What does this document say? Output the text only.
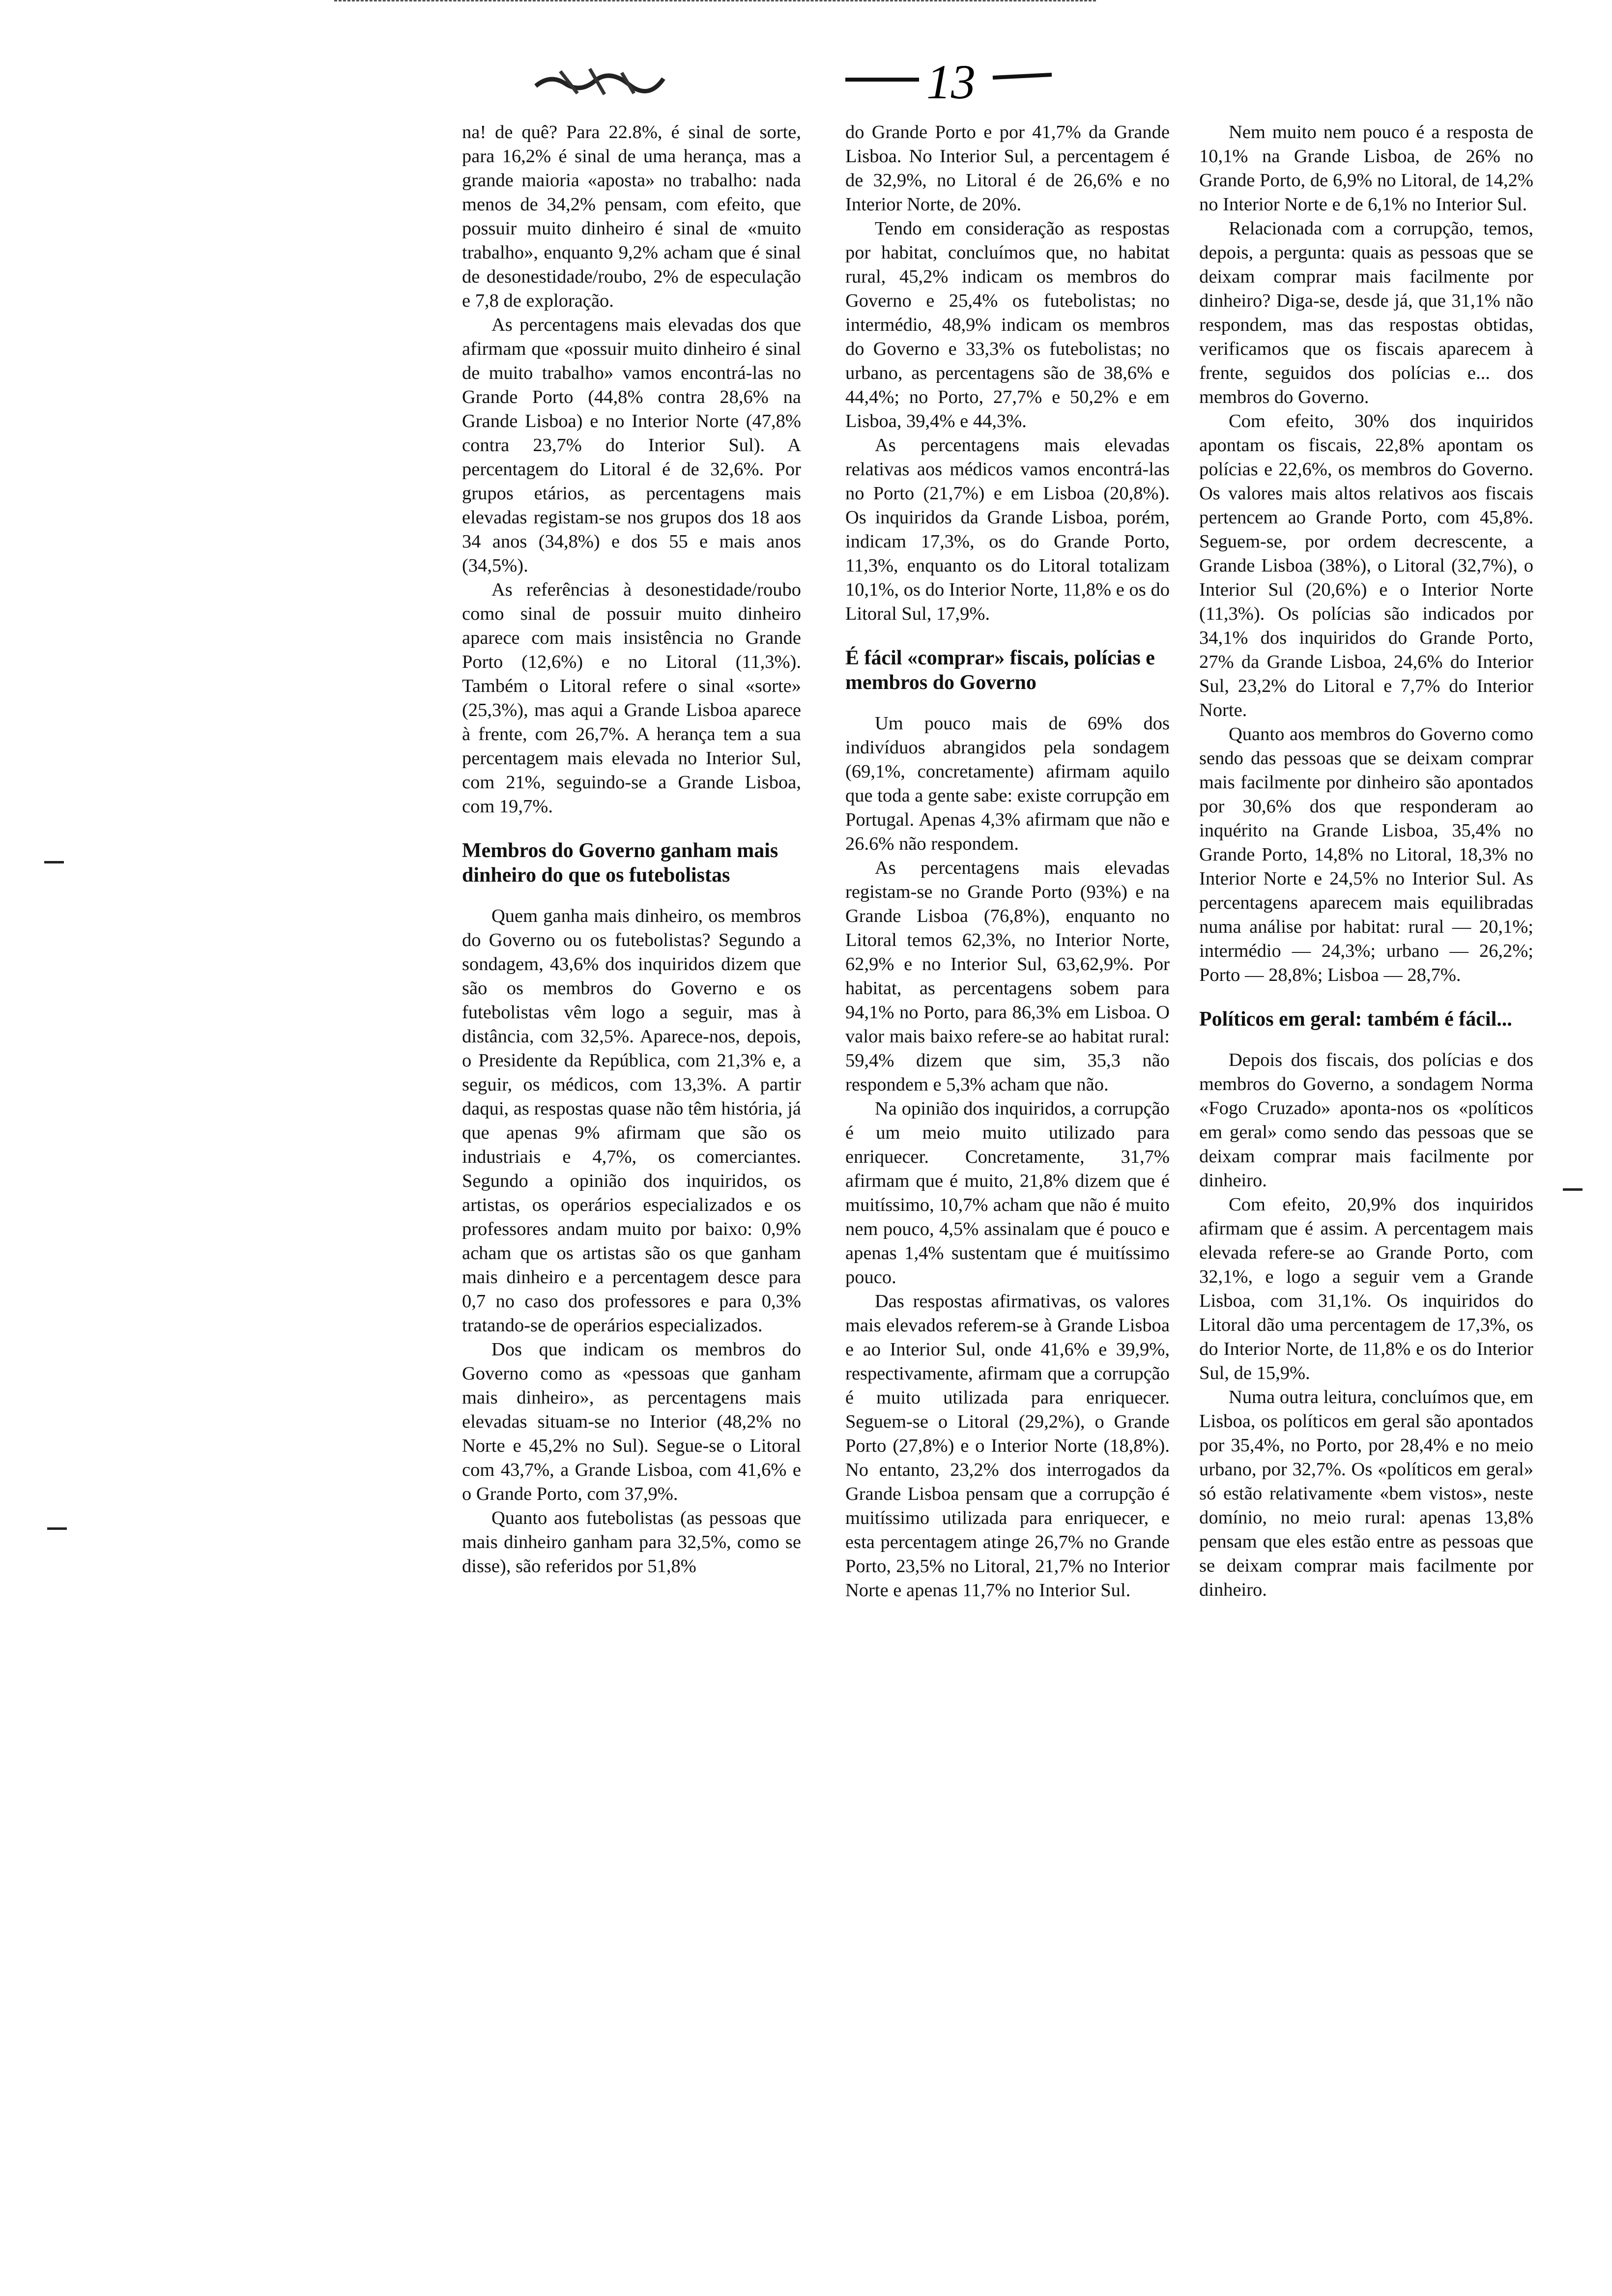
13

na! de quê? Para 22.8%, é sinal de sorte, para 16,2% é sinal de uma herança, mas a grande maioria «aposta» no trabalho: nada menos de 34,2% pensam, com efeito, que possuir muito dinheiro é sinal de «muito trabalho», enquanto 9,2% acham que é sinal de desonestidade/roubo, 2% de especulação e 7,8 de exploração.

As percentagens mais elevadas dos que afirmam que «possuir muito dinheiro é sinal de muito trabalho» vamos encontrá-las no Grande Porto (44,8% contra 28,6% na Grande Lisboa) e no Interior Norte (47,8% contra 23,7% do Interior Sul). A percentagem do Litoral é de 32,6%. Por grupos etários, as percentagens mais elevadas registam-se nos grupos dos 18 aos 34 anos (34,8%) e dos 55 e mais anos (34,5%).

As referências à desonestidade/roubo como sinal de possuir muito dinheiro aparece com mais insistência no Grande Porto (12,6%) e no Litoral (11,3%). Também o Litoral refere o sinal «sorte» (25,3%), mas aqui a Grande Lisboa aparece à frente, com 26,7%. A herança tem a sua percentagem mais elevada no Interior Sul, com 21%, seguindo-se a Grande Lisboa, com 19,7%.

Membros do Governo ganham mais dinheiro do que os futebolistas

Quem ganha mais dinheiro, os membros do Governo ou os futebolistas? Segundo a sondagem, 43,6% dos inquiridos dizem que são os membros do Governo e os futebolistas vêm logo a seguir, mas à distância, com 32,5%. Aparece-nos, depois, o Presidente da República, com 21,3% e, a seguir, os médicos, com 13,3%. A partir daqui, as respostas quase não têm história, já que apenas 9% afirmam que são os industriais e 4,7%, os comerciantes. Segundo a opinião dos inquiridos, os artistas, os operários especializados e os professores andam muito por baixo: 0,9% acham que os artistas são os que ganham mais dinheiro e a percentagem desce para 0,7 no caso dos professores e para 0,3% tratando-se de operários especializados.

Dos que indicam os membros do Governo como as «pessoas que ganham mais dinheiro», as percentagens mais elevadas situam-se no Interior (48,2% no Norte e 45,2% no Sul). Segue-se o Litoral com 43,7%, a Grande Lisboa, com 41,6% e o Grande Porto, com 37,9%.

Quanto aos futebolistas (as pessoas que mais dinheiro ganham para 32,5%, como se disse), são referidos por 51,8%

do Grande Porto e por 41,7% da Grande Lisboa. No Interior Sul, a percentagem é de 32,9%, no Litoral é de 26,6% e no Interior Norte, de 20%.

Tendo em consideração as respostas por habitat, concluímos que, no habitat rural, 45,2% indicam os membros do Governo e 25,4% os futebolistas; no intermédio, 48,9% indicam os membros do Governo e 33,3% os futebolistas; no urbano, as percentagens são de 38,6% e 44,4%; no Porto, 27,7% e 50,2% e em Lisboa, 39,4% e 44,3%.

As percentagens mais elevadas relativas aos médicos vamos encontrá-las no Porto (21,7%) e em Lisboa (20,8%). Os inquiridos da Grande Lisboa, porém, indicam 17,3%, os do Grande Porto, 11,3%, enquanto os do Litoral totalizam 10,1%, os do Interior Norte, 11,8% e os do Litoral Sul, 17,9%.

É fácil «comprar» fiscais, polícias e membros do Governo

Um pouco mais de 69% dos indivíduos abrangidos pela sondagem (69,1%, concretamente) afirmam aquilo que toda a gente sabe: existe corrupção em Portugal. Apenas 4,3% afirmam que não e 26.6% não respondem.

As percentagens mais elevadas registam-se no Grande Porto (93%) e na Grande Lisboa (76,8%), enquanto no Litoral temos 62,3%, no Interior Norte, 62,9% e no Interior Sul, 63,62,9%. Por habitat, as percentagens sobem para 94,1% no Porto, para 86,3% em Lisboa. O valor mais baixo refere-se ao habitat rural: 59,4% dizem que sim, 35,3 não respondem e 5,3% acham que não.

Na opinião dos inquiridos, a corrupção é um meio muito utilizado para enriquecer. Concretamente, 31,7% afirmam que é muito, 21,8% dizem que é muitíssimo, 10,7% acham que não é muito nem pouco, 4,5% assinalam que é pouco e apenas 1,4% sustentam que é muitíssimo pouco.

Das respostas afirmativas, os valores mais elevados referem-se à Grande Lisboa e ao Interior Sul, onde 41,6% e 39,9%, respectivamente, afirmam que a corrupção é muito utilizada para enriquecer. Seguem-se o Litoral (29,2%), o Grande Porto (27,8%) e o Interior Norte (18,8%). No entanto, 23,2% dos interrogados da Grande Lisboa pensam que a corrupção é muitíssimo utilizada para enriquecer, e esta percentagem atinge 26,7% no Grande Porto, 23,5% no Litoral, 21,7% no Interior Norte e apenas 11,7% no Interior Sul.

Nem muito nem pouco é a resposta de 10,1% na Grande Lisboa, de 26% no Grande Porto, de 6,9% no Litoral, de 14,2% no Interior Norte e de 6,1% no Interior Sul.

Relacionada com a corrupção, temos, depois, a pergunta: quais as pessoas que se deixam comprar mais facilmente por dinheiro? Diga-se, desde já, que 31,1% não respondem, mas das respostas obtidas, verificamos que os fiscais aparecem à frente, seguidos dos polícias e... dos membros do Governo.

Com efeito, 30% dos inquiridos apontam os fiscais, 22,8% apontam os polícias e 22,6%, os membros do Governo. Os valores mais altos relativos aos fiscais pertencem ao Grande Porto, com 45,8%. Seguem-se, por ordem decrescente, a Grande Lisboa (38%), o Litoral (32,7%), o Interior Sul (20,6%) e o Interior Norte (11,3%). Os polícias são indicados por 34,1% dos inquiridos do Grande Porto, 27% da Grande Lisboa, 24,6% do Interior Sul, 23,2% do Litoral e 7,7% do Interior Norte.

Quanto aos membros do Governo como sendo das pessoas que se deixam comprar mais facilmente por dinheiro são apontados por 30,6% dos que responderam ao inquérito na Grande Lisboa, 35,4% no Grande Porto, 14,8% no Litoral, 18,3% no Interior Norte e 24,5% no Interior Sul. As percentagens aparecem mais equilibradas numa análise por habitat: rural — 20,1%; intermédio — 24,3%; urbano — 26,2%; Porto — 28,8%; Lisboa — 28,7%.

Políticos em geral: também é fácil...

Depois dos fiscais, dos polícias e dos membros do Governo, a sondagem Norma «Fogo Cruzado» aponta-nos os «políticos em geral» como sendo das pessoas que se deixam comprar mais facilmente por dinheiro.

Com efeito, 20,9% dos inquiridos afirmam que é assim. A percentagem mais elevada refere-se ao Grande Porto, com 32,1%, e logo a seguir vem a Grande Lisboa, com 31,1%. Os inquiridos do Litoral dão uma percentagem de 17,3%, os do Interior Norte, de 11,8% e os do Interior Sul, de 15,9%.

Numa outra leitura, concluímos que, em Lisboa, os políticos em geral são apontados por 35,4%, no Porto, por 28,4% e no meio urbano, por 32,7%. Os «políticos em geral» só estão relativamente «bem vistos», neste domínio, no meio rural: apenas 13,8% pensam que eles estão entre as pessoas que se deixam comprar mais facilmente por dinheiro.
